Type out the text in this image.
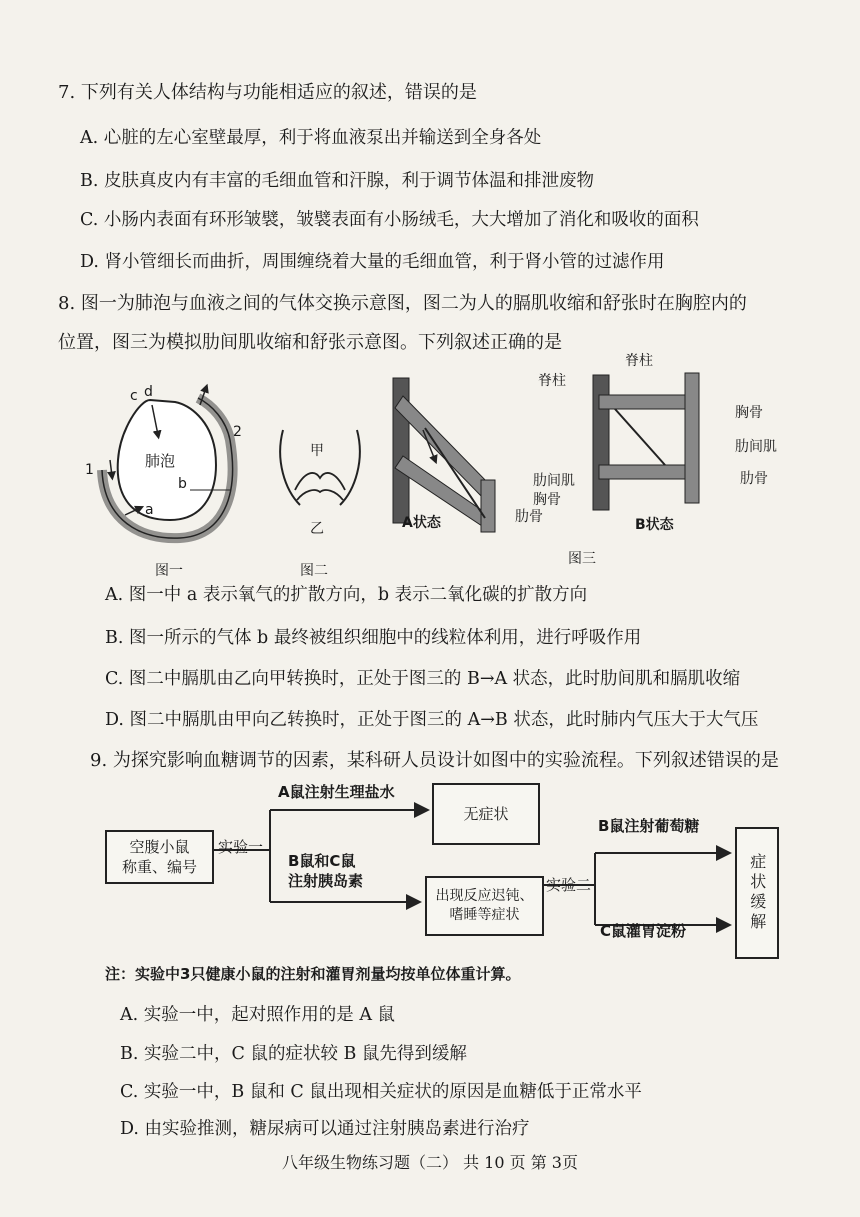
7. 下列有关人体结构与功能相适应的叙述，错误的是
A. 心脏的左心室壁最厚，利于将血液泵出并输送到全身各处
B. 皮肤真皮内有丰富的毛细血管和汗腺，利于调节体温和排泄废物
C. 小肠内表面有环形皱襞，皱襞表面有小肠绒毛，大大增加了消化和吸收的面积
D. 肾小管细长而曲折，周围缠绕着大量的毛细血管，利于肾小管的过滤作用
8. 图一为肺泡与血液之间的气体交换示意图，图二为人的膈肌收缩和舒张时在胸腔内的
位置，图三为模拟肋间肌收缩和舒张示意图。下列叙述正确的是
c d
1
2
a
b
肺泡
图一
甲
乙
图二
脊柱
肋间肌
胸骨
肋骨
A状态
脊柱
胸骨
肋间肌
肋骨
B状态
图三
A. 图一中 a 表示氧气的扩散方向，b 表示二氧化碳的扩散方向
B. 图一所示的气体 b 最终被组织细胞中的线粒体利用，进行呼吸作用
C. 图二中膈肌由乙向甲转换时，正处于图三的 B→A 状态，此时肋间肌和膈肌收缩
D. 图二中膈肌由甲向乙转换时，正处于图三的 A→B 状态，此时肺内气压大于大气压
9. 为探究影响血糖调节的因素，某科研人员设计如图中的实验流程。下列叙述错误的是
空腹小鼠
称重、编号
实验一
A鼠注射生理盐水
无症状
B鼠和C鼠
注射胰岛素
出现反应迟钝、
嗜睡等症状
实验二
B鼠注射葡萄糖
C鼠灌胃淀粉	症状缓解
注：实验中3只健康小鼠的注射和灌胃剂量均按单位体重计算。
A. 实验一中，起对照作用的是 A 鼠
B. 实验二中，C 鼠的症状较 B 鼠先得到缓解
C. 实验一中，B 鼠和 C 鼠出现相关症状的原因是血糖低于正常水平
D. 由实验推测，糖尿病可以通过注射胰岛素进行治疗
八年级生物练习题（二） 共 10 页 第 3页
